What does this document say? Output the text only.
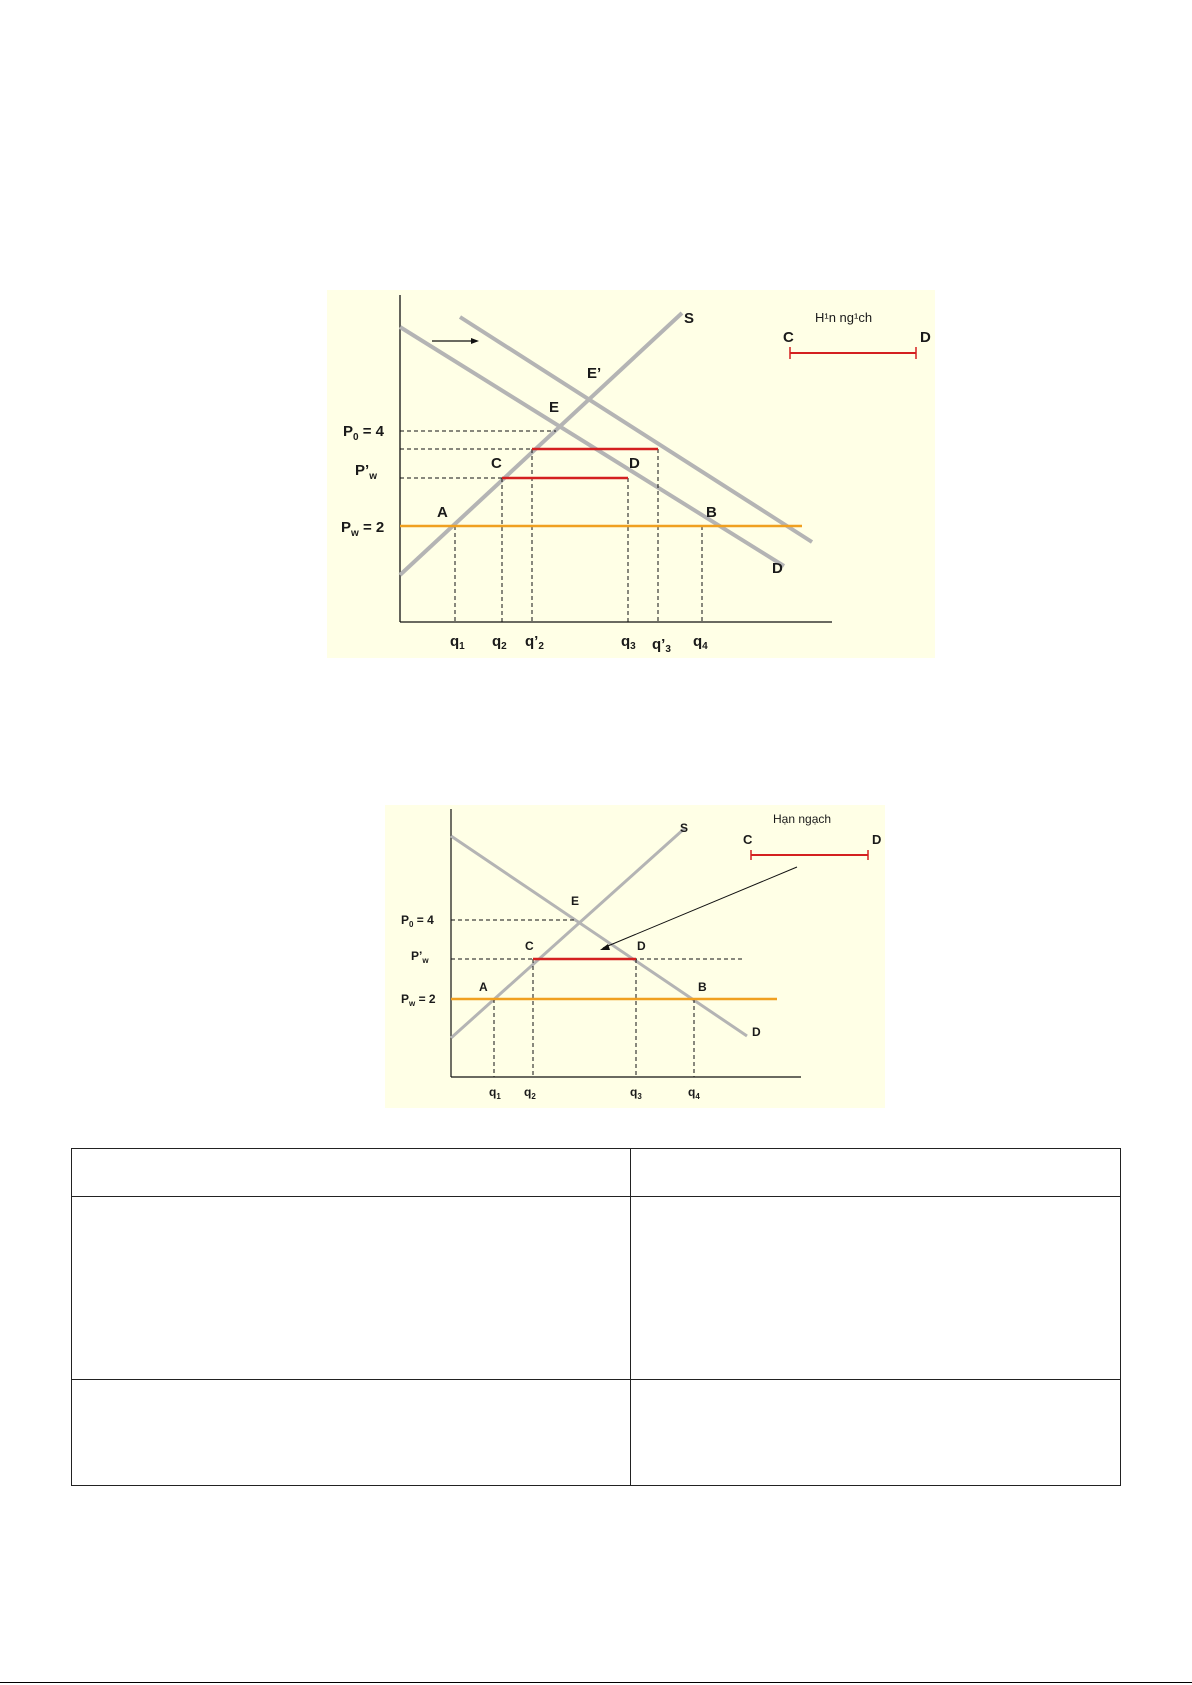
H¹n ng¹ch
C	D
S
D
E’
E
C	D
A	B
$P_0 = 4$
$P’_w$
$P_w = 2$
$q_1$ $q_2$ $q’_2$	$q_3$ $q’_3$ $q_4$
Hạn ngạch
C	D
S
D
E
C	D
A	B
$P_0 = 4$
$P’_w$
$P_w = 2$
$q_1$ $q_2$	$q_3$	$q_4$
